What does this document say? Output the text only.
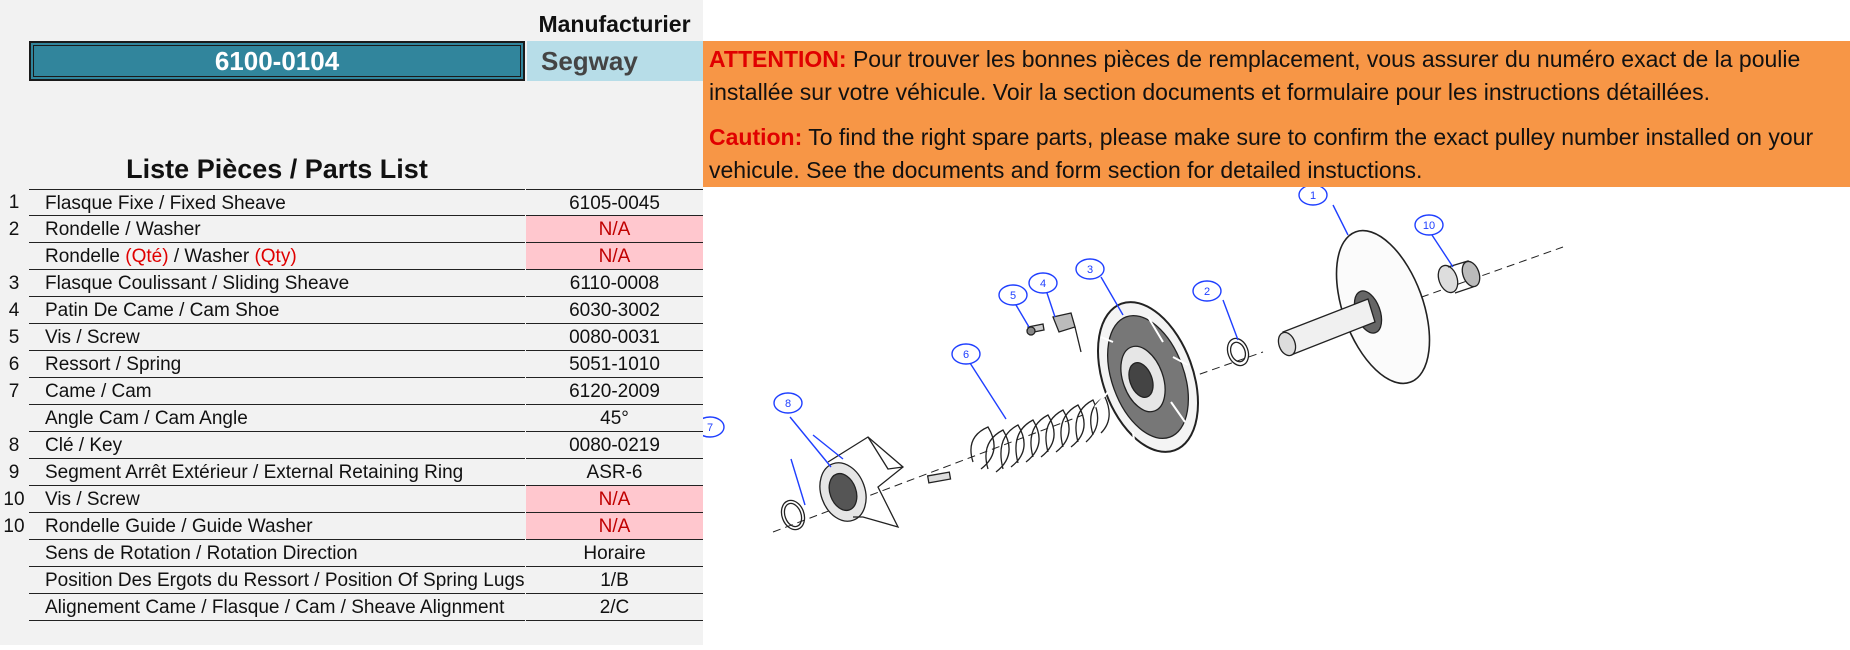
Manufacturier
6100-0104	Segway
Liste Pièces / Parts List
1	Flasque Fixe / Fixed Sheave	6105-0045
2	Rondelle / Washer	N/A
Rondelle (Qté) / Washer (Qty)	N/A
3	Flasque Coulissant / Sliding Sheave	6110-0008
4	Patin De Came / Cam Shoe	6030-3002
5	Vis / Screw	0080-0031
6	Ressort / Spring	5051-1010
7	Came / Cam	6120-2009
Angle Cam / Cam Angle	45°
8	Clé / Key	0080-0219
9	Segment Arrêt Extérieur / External Retaining Ring	ASR-6
10	Vis / Screw	N/A
10	Rondelle Guide / Guide Washer	N/A
Sens de Rotation / Rotation Direction	Horaire
Position Des Ergots du Ressort / Position Of Spring Lugs	1/B
Alignement Came / Flasque / Cam / Sheave Alignment	2/C

ATTENTION: Pour trouver les bonnes pièces de remplacement, vous assurer du numéro exact de la poulie installée sur votre véhicule. Voir la section documents et formulaire pour les instructions détaillées.

Caution: To find the right spare parts, please make sure to confirm the exact pulley number installed on your vehicule. See the documents and form section for detailed instuctions.

1
2
3
4
5
6
7
8
10
